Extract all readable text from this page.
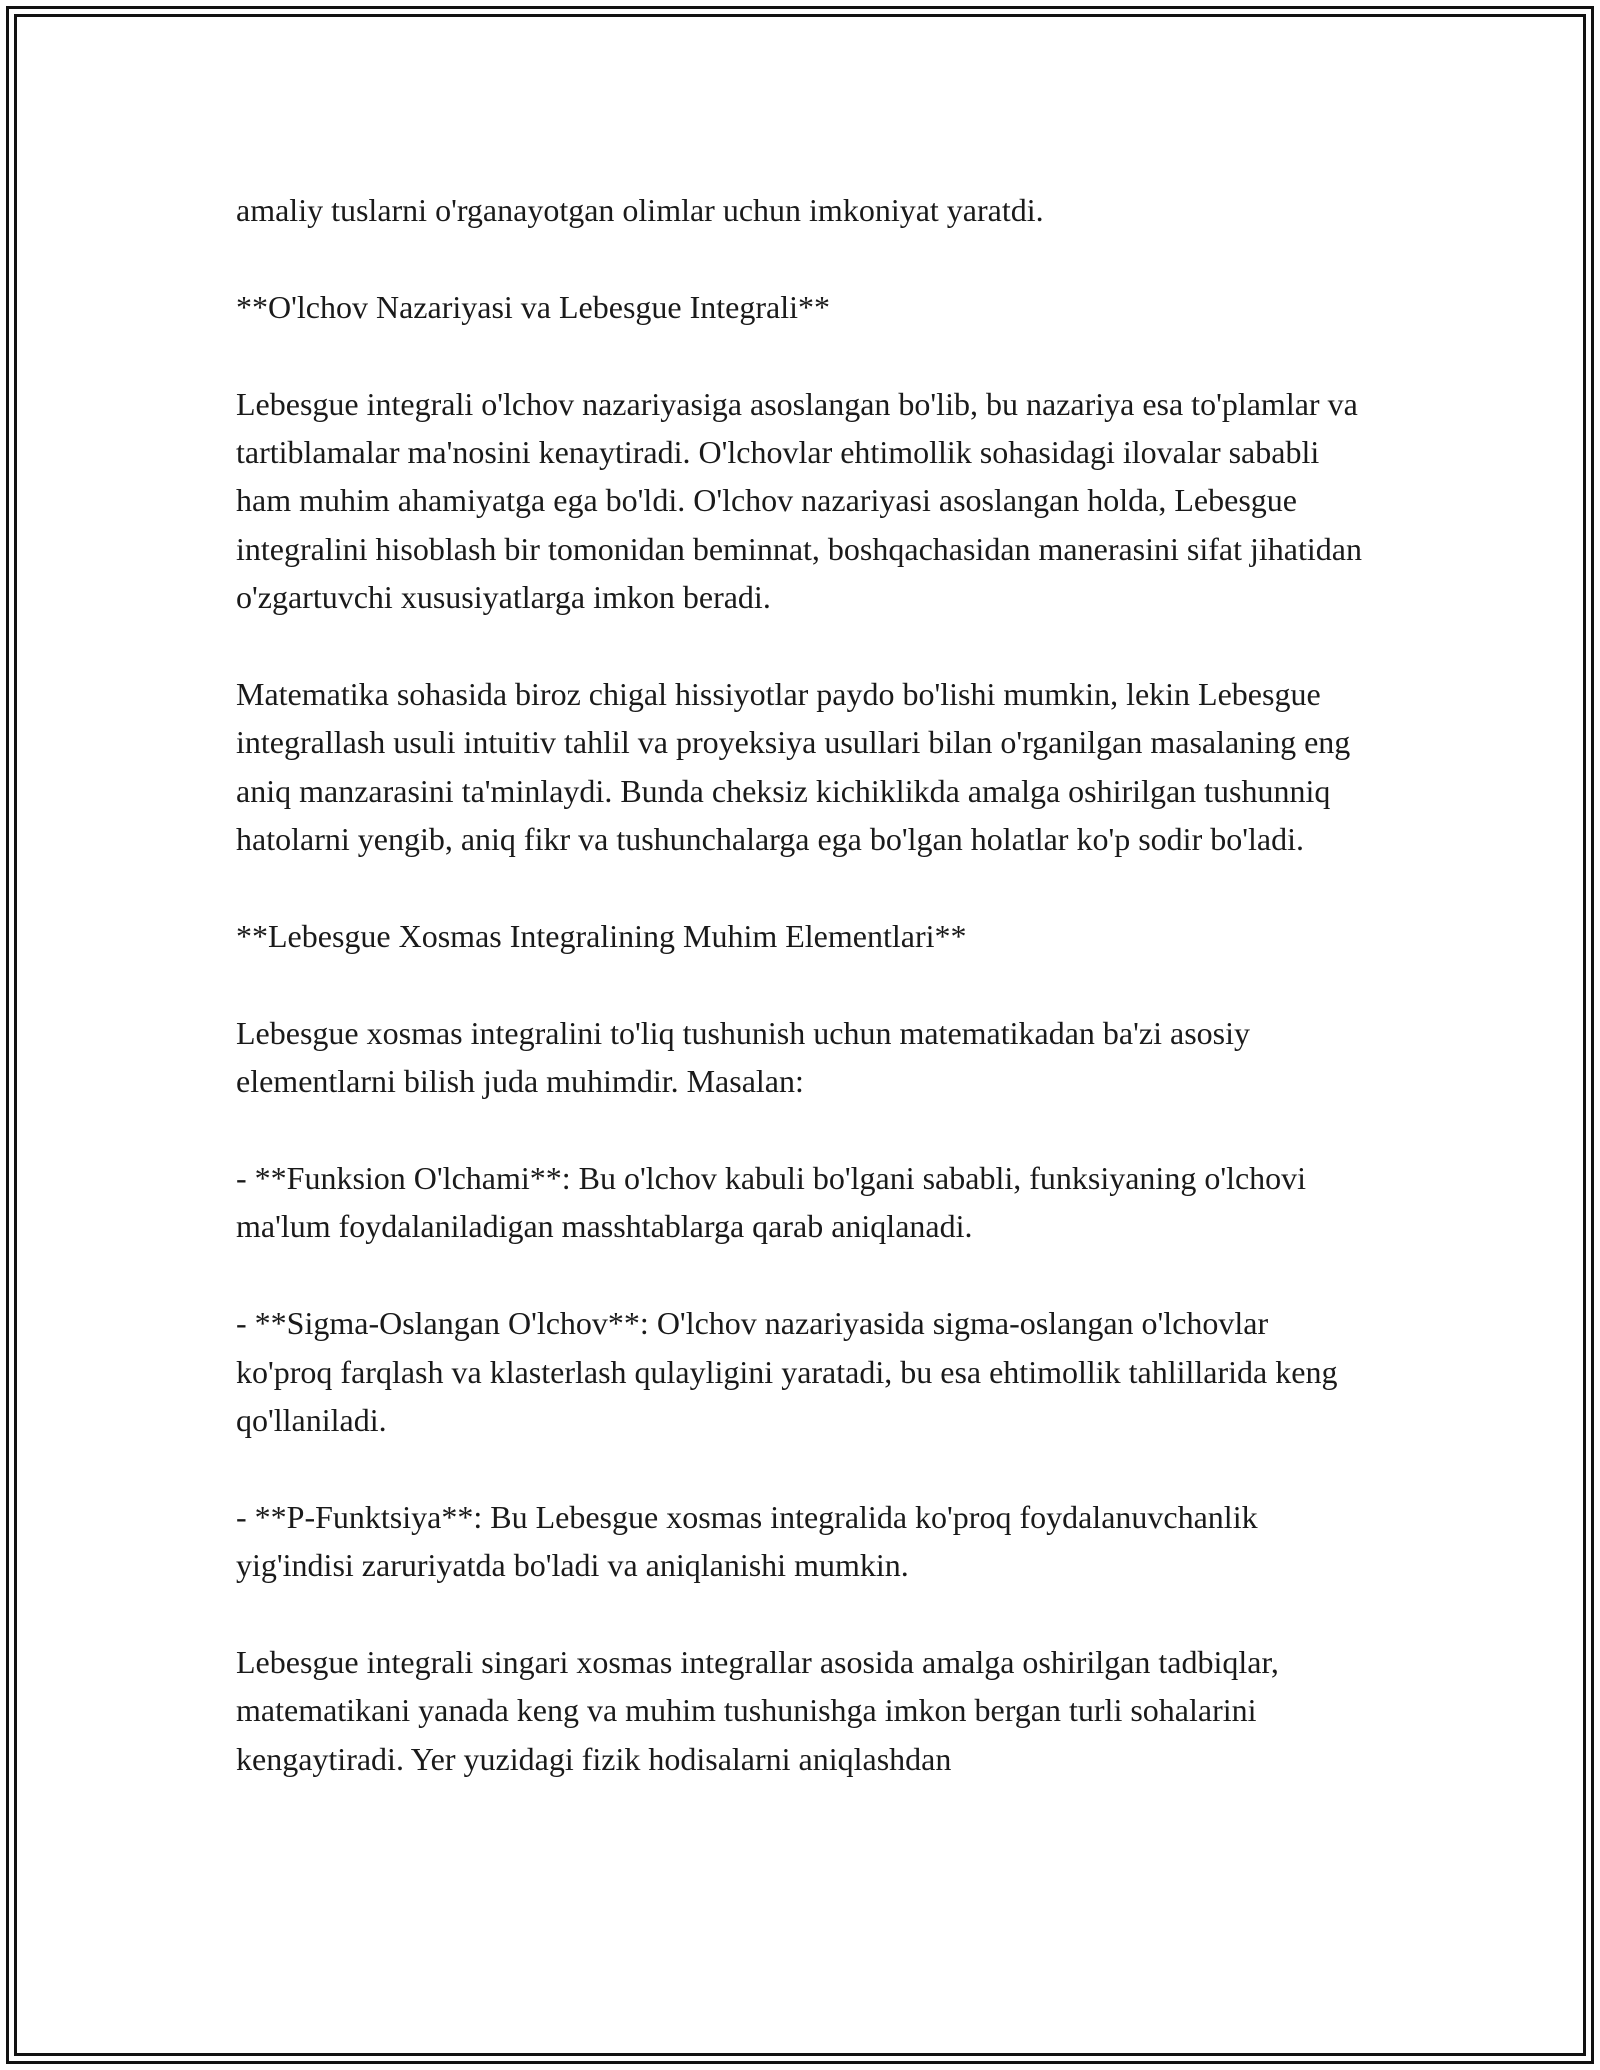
amaliy tuslarni o'rganayotgan olimlar uchun imkoniyat yaratdi.

**O'lchov Nazariyasi va Lebesgue Integrali**

Lebesgue integrali o'lchov nazariyasiga asoslangan bo'lib, bu nazariya esa to'plamlar va tartiblamalar ma'nosini kenaytiradi. O'lchovlar ehtimollik sohasidagi ilovalar sababli ham muhim ahamiyatga ega bo'ldi. O'lchov nazariyasi asoslangan holda, Lebesgue integralini hisoblash bir tomonidan beminnat, boshqachasidan manerasini sifat jihatidan o'zgartuvchi xususiyatlarga imkon beradi.

Matematika sohasida biroz chigal hissiyotlar paydo bo'lishi mumkin, lekin Lebesgue integrallash usuli intuitiv tahlil va proyeksiya usullari bilan o'rganilgan masalaning eng aniq manzarasini ta'minlaydi. Bunda cheksiz kichiklikda amalga oshirilgan tushunniq hatolarni yengib, aniq fikr va tushunchalarga ega bo'lgan holatlar ko'p sodir bo'ladi.

**Lebesgue Xosmas Integralining Muhim Elementlari**

Lebesgue xosmas integralini to'liq tushunish uchun matematikadan ba'zi asosiy elementlarni bilish juda muhimdir. Masalan:

- **Funksion O'lchami**: Bu o'lchov kabuli bo'lgani sababli, funksiyaning o'lchovi ma'lum foydalaniladigan masshtablarga qarab aniqlanadi.

- **Sigma-Oslangan O'lchov**: O'lchov nazariyasida sigma-oslangan o'lchovlar ko'proq farqlash va klasterlash qulayligini yaratadi, bu esa ehtimollik tahlillarida keng qo'llaniladi.

- **P-Funktsiya**: Bu Lebesgue xosmas integralida ko'proq foydalanuvchanlik yig'indisi zaruriyatda bo'ladi va aniqlanishi mumkin.

Lebesgue integrali singari xosmas integrallar asosida amalga oshirilgan tadbiqlar, matematikani yanada keng va muhim tushunishga imkon bergan turli sohalarini kengaytiradi. Yer yuzidagi fizik hodisalarni aniqlashdan
